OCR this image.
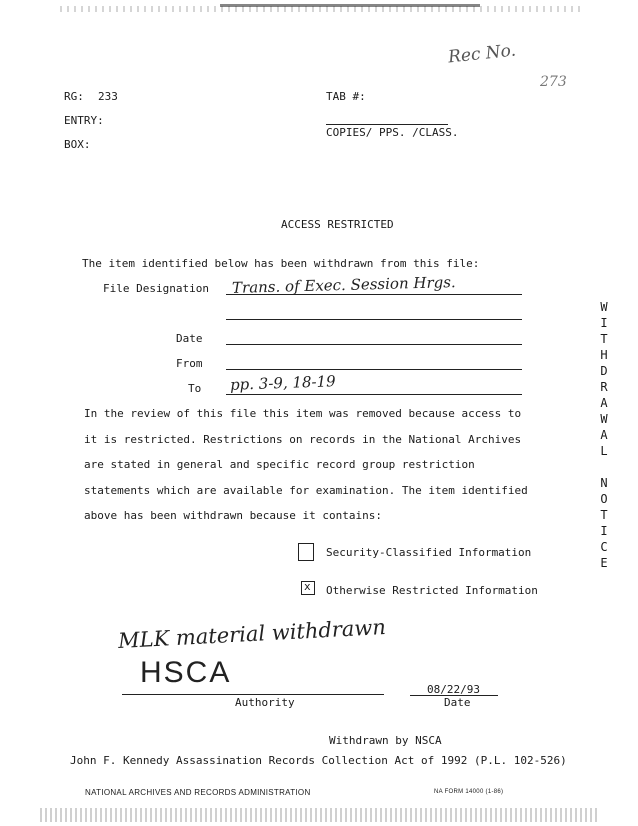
RG: 233
ENTRY:
BOX:
TAB #:
COPIES/ PPS. /CLASS.
Rec No.
273
ACCESS RESTRICTED
The item identified below has been withdrawn from this file:
File Designation Trans. of Exec. Session Hrgs.
Date
From
To pp. 3-9, 18-19
In the review of this file this item was removed because access to it is restricted. Restrictions on records in the National Archives are stated in general and specific record group restriction statements which are available for examination. The item identified above has been withdrawn because it contains:
Security-Classified Information
x Otherwise Restricted Information
MLK material withdrawn
HSCA
Authority
08/22/93
Date
Withdrawn by NSCA
John F. Kennedy Assassination Records Collection Act of 1992 (P.L. 102-526)
NATIONAL ARCHIVES AND RECORDS ADMINISTRATION	NA FORM 14000 (1-86)
WITHDRAWAL NOTICE
